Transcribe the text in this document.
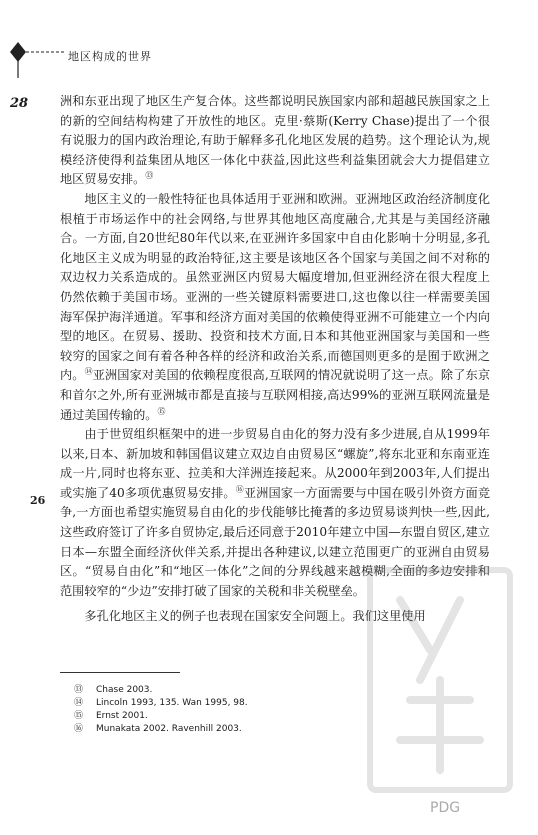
地区构成的世界
28
26

洲和东亚出现了地区生产复合体。这些都说明民族国家内部和超越民族国家之上的新的空间结构构建了开放性的地区。克里·蔡斯(Kerry Chase)提出了一个很有说服力的国内政治理论,有助于解释多孔化地区发展的趋势。这个理论认为,规模经济使得利益集团从地区一体化中获益,因此这些利益集团就会大力提倡建立地区贸易安排。⑬

地区主义的一般性特征也具体适用于亚洲和欧洲。亚洲地区政治经济制度化根植于市场运作中的社会网络,与世界其他地区高度融合,尤其是与美国经济融合。一方面,自20世纪80年代以来,在亚洲许多国家中自由化影响十分明显,多孔化地区主义成为明显的政治特征,这主要是该地区各个国家与美国之间不对称的双边权力关系造成的。虽然亚洲区内贸易大幅度增加,但亚洲经济在很大程度上仍然依赖于美国市场。亚洲的一些关键原料需要进口,这也像以往一样需要美国海军保护海洋通道。军事和经济方面对美国的依赖使得亚洲不可能建立一个内向型的地区。在贸易、援助、投资和技术方面,日本和其他亚洲国家与美国和一些较穷的国家之间有着各种各样的经济和政治关系,而德国则更多的是囿于欧洲之内。⑭亚洲国家对美国的依赖程度很高,互联网的情况就说明了这一点。除了东京和首尔之外,所有亚洲城市都是直接与互联网相接,高达99%的亚洲互联网流量是通过美国传输的。⑮

由于世贸组织框架中的进一步贸易自由化的努力没有多少进展,自从1999年以来,日本、新加坡和韩国倡议建立双边自由贸易区“螺旋”,将东北亚和东南亚连成一片,同时也将东亚、拉美和大洋洲连接起来。从2000年到2003年,人们提出或实施了40多项优惠贸易安排。⑯亚洲国家一方面需要与中国在吸引外资方面竞争,一方面也希望实施贸易自由化的步伐能够比掩耆的多边贸易谈判快一些,因此,这些政府签订了许多自贸协定,最后还同意于2010年建立中国—东盟自贸区,建立日本—东盟全面经济伙伴关系,并提出各种建议,以建立范围更广的亚洲自由贸易区。“贸易自由化”和“地区一体化”之间的分界线越来越模糊,全面的多边安排和范围较窄的“少边”安排打破了国家的关税和非关税壁垒。

多孔化地区主义的例子也表现在国家安全问题上。我们这里使用

⑬	Chase 2003.
⑭	Lincoln 1993, 135. Wan 1995, 98.
⑮	Ernst 2001.
⑯	Munakata 2002. Ravenhill 2003.
PDG
